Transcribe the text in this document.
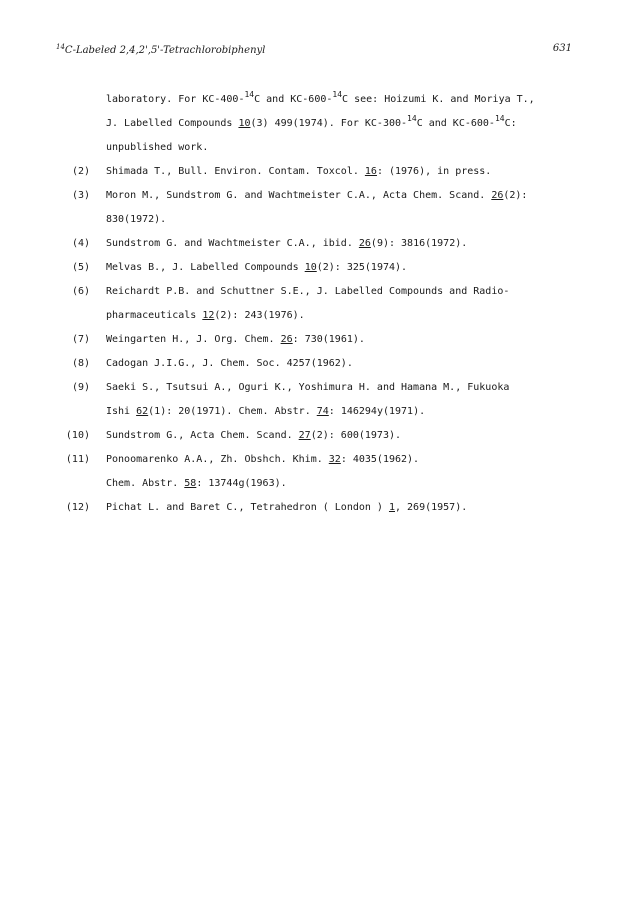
$^{14}$C-Labeled 2,4,2',5'-Tetrachlorobiphenyl	631
laboratory. For KC-400-$^{14}$C and KC-600-$^{14}$C see: Hoizumi K. and Moriya T.,
J. Labelled Compounds 10(3) 499(1974). For KC-300-$^{14}$C and KC-600-$^{14}$C:
unpublished work.
(2) Shimada T., Bull. Environ. Contam. Toxcol. 16: (1976), in press.
(3) Moron M., Sundstrom G. and Wachtmeister C.A., Acta Chem. Scand. 26(2):
830(1972).
(4) Sundstrom G. and Wachtmeister C.A., ibid. 26(9): 3816(1972).
(5) Melvas B., J. Labelled Compounds 10(2): 325(1974).
(6) Reichardt P.B. and Schuttner S.E., J. Labelled Compounds and Radio-
pharmaceuticals 12(2): 243(1976).
(7) Weingarten H., J. Org. Chem. 26: 730(1961).
(8) Cadogan J.I.G., J. Chem. Soc. 4257(1962).
(9) Saeki S., Tsutsui A., Oguri K., Yoshimura H. and Hamana M., Fukuoka
Ishi 62(1): 20(1971). Chem. Abstr. 74: 146294y(1971).
(10) Sundstrom G., Acta Chem. Scand. 27(2): 600(1973).
(11) Ponoomarenko A.A., Zh. Obshch. Khim. 32: 4035(1962).
Chem. Abstr. 58: 13744g(1963).
(12) Pichat L. and Baret C., Tetrahedron ( London ) 1, 269(1957).
